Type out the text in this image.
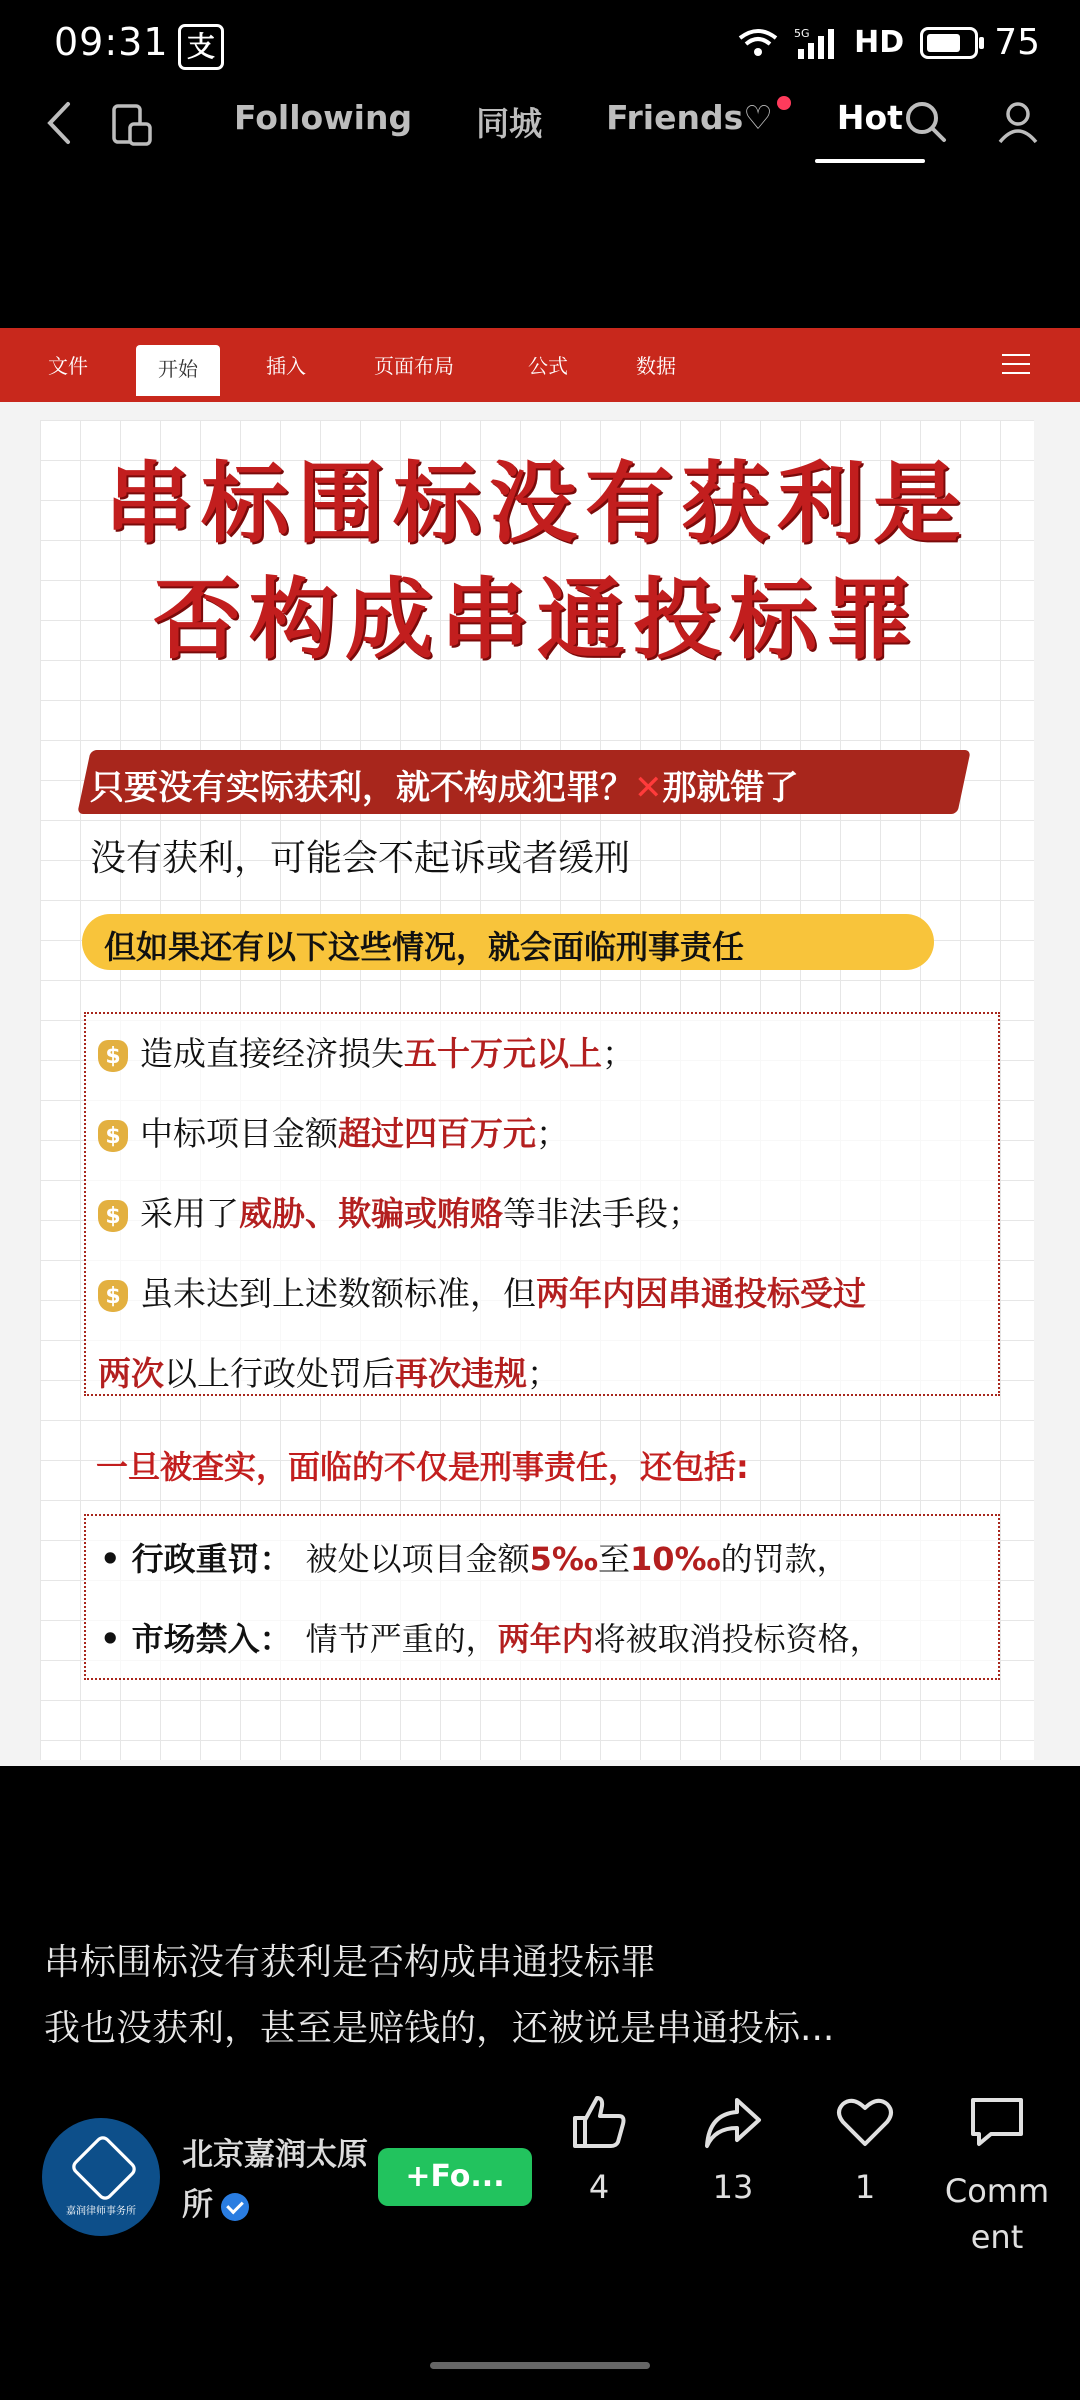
09:31 支	5G HD	75
Following 同城 Friends♡ Hot
文件	开始	插入	页面布局	公式	数据
串标围标没有获利是
否构成串通投标罪
只要没有实际获利，就不构成犯罪？✕那就错了
没有获利，可能会不起诉或者缓刑
但如果还有以下这些情况，就会面临刑事责任
$ 造成直接经济损失五十万元以上；
$ 中标项目金额超过四百万元；
$ 采用了威胁、欺骗或贿赂等非法手段；
$ 虽未达到上述数额标准，但两年内因串通投标受过
两次以上行政处罚后再次违规；
一旦被查实，面临的不仅是刑事责任，还包括:
• 行政重罚： 被处以项目金额5‰至10‰的罚款，
• 市场禁入： 情节严重的，两年内将被取消投标资格，
串标围标没有获利是否构成串通投标罪
我也没获利，甚至是赔钱的，还被说是串通投标...
嘉润律师事务所
北京嘉润太原
所
+Fo...	4	13	1	Comment
